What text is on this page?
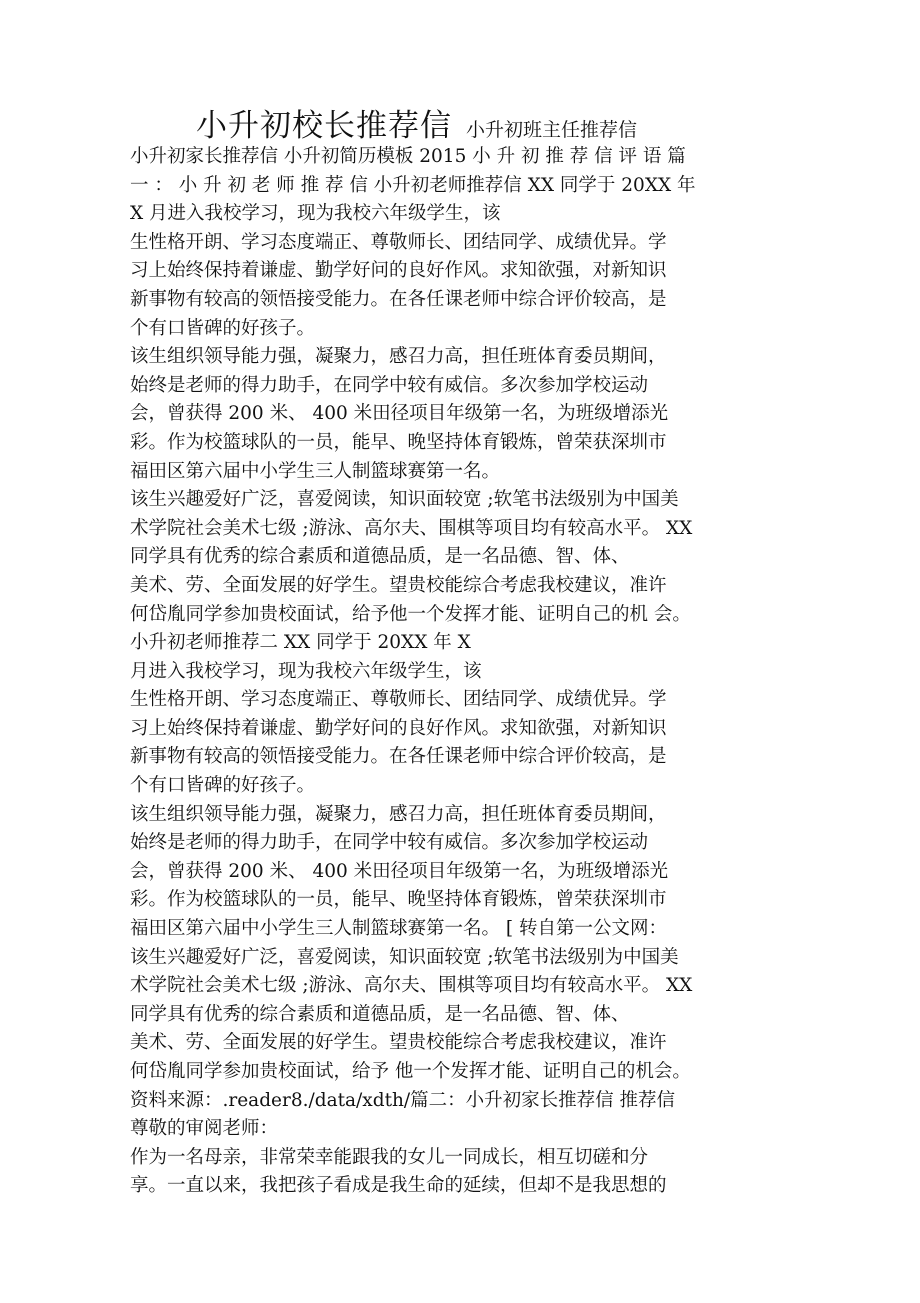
小升初校长推荐信 小升初班主任推荐信
小升初家长推荐信 小升初简历模板 2015 小 升 初 推 荐 信 评 语 篇
一 ： 小 升 初 老 师 推 荐 信 小升初老师推荐信 XX 同学于 20XX 年
X 月进入我校学习，现为我校六年级学生，该
生性格开朗、学习态度端正、尊敬师长、团结同学、成绩优异。学
习上始终保持着谦虚、勤学好问的良好作风。求知欲强，对新知识
新事物有较高的领悟接受能力。在各任课老师中综合评价较高，是
个有口皆碑的好孩子。
该生组织领导能力强，凝聚力，感召力高，担任班体育委员期间，
始终是老师的得力助手，在同学中较有威信。多次参加学校运动
会，曾获得 200 米、 400 米田径项目年级第一名，为班级增添光
彩。作为校篮球队的一员，能早、晚坚持体育锻炼，曾荣获深圳市
福田区第六届中小学生三人制篮球赛第一名。
该生兴趣爱好广泛，喜爱阅读，知识面较宽 ;软笔书法级别为中国美
术学院社会美术七级 ;游泳、高尔夫、围棋等项目均有较高水平。 XX
同学具有优秀的综合素质和道德品质，是一名品德、智、体、
美术、劳、全面发展的好学生。望贵校能综合考虑我校建议，准许
何岱胤同学参加贵校面试，给予他一个发挥才能、证明自己的机 会。
小升初老师推荐二 XX 同学于 20XX 年 X
月进入我校学习，现为我校六年级学生，该
生性格开朗、学习态度端正、尊敬师长、团结同学、成绩优异。学
习上始终保持着谦虚、勤学好问的良好作风。求知欲强，对新知识
新事物有较高的领悟接受能力。在各任课老师中综合评价较高，是
个有口皆碑的好孩子。
该生组织领导能力强，凝聚力，感召力高，担任班体育委员期间，
始终是老师的得力助手，在同学中较有威信。多次参加学校运动
会，曾获得 200 米、 400 米田径项目年级第一名，为班级增添光
彩。作为校篮球队的一员，能早、晚坚持体育锻炼，曾荣获深圳市
福田区第六届中小学生三人制篮球赛第一名。 [ 转自第一公文网：
该生兴趣爱好广泛，喜爱阅读，知识面较宽 ;软笔书法级别为中国美
术学院社会美术七级 ;游泳、高尔夫、围棋等项目均有较高水平。 XX
同学具有优秀的综合素质和道德品质，是一名品德、智、体、
美术、劳、全面发展的好学生。望贵校能综合考虑我校建议，准许
何岱胤同学参加贵校面试，给予 他一个发挥才能、证明自己的机会。
资料来源：.reader8./data/xdth/篇二：小升初家长推荐信 推荐信
尊敬的审阅老师：
作为一名母亲，非常荣幸能跟我的女儿一同成长，相互切磋和分
享。一直以来，我把孩子看成是我生命的延续，但却不是我思想的
